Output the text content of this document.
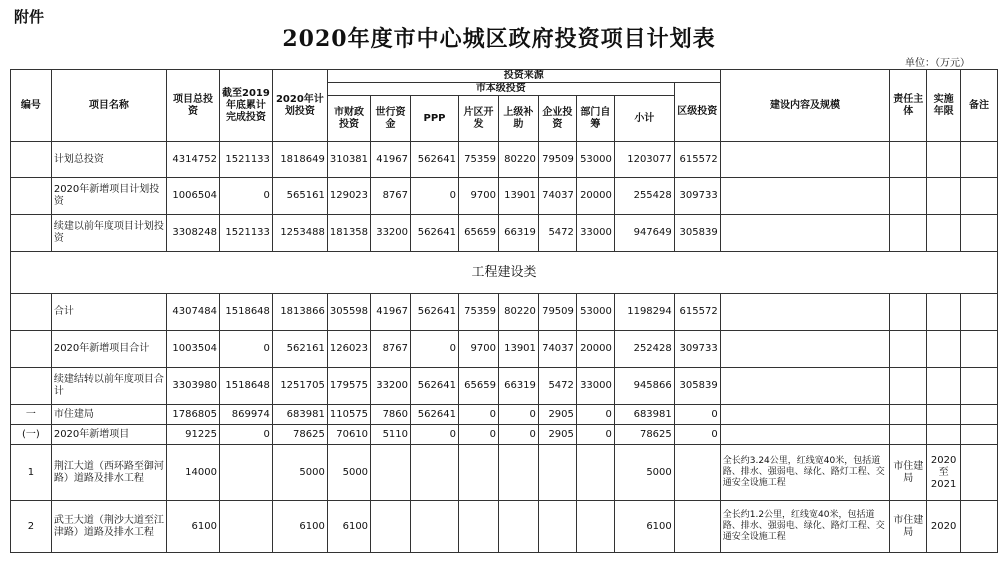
附件
2020年度市中心城区政府投资项目计划表
单位：（万元）
编号	项目名称	项目总投资	截至2019年底累计完成投资	2020年计划投资	投资来源									建设内容及规模	责任主体	实施年限	备注
					市本级投资								区级投资				
					市财政投资	世行资金	PPP	片区开发	上级补助	企业投资	部门自筹	小计					

	计划总投资	4314752	1521133	1818649	310381	41967	562641	75359	80220	79509	53000	1203077	615572				
	2020年新增项目计划投资	1006504	0	565161	129023	8767	0	9700	13901	74037	20000	255428	309733				
	续建以前年度项目计划投资	3308248	1521133	1253488	181358	33200	562641	65659	66319	5472	33000	947649	305839				
工程建设类																	
	合计	4307484	1518648	1813866	305598	41967	562641	75359	80220	79509	53000	1198294	615572				
	2020年新增项目合计	1003504	0	562161	126023	8767	0	9700	13901	74037	20000	252428	309733				
	续建结转以前年度项目合计	3303980	1518648	1251705	179575	33200	562641	65659	66319	5472	33000	945866	305839				
一	市住建局	1786805	869974	683981	110575	7860	562641	0	0	2905	0	683981	0				
(一)	2020年新增项目	91225	0	78625	70610	5110	0	0	0	2905	0	78625	0				
1	荆江大道（西环路至御河路）道路及排水工程	14000		5000	5000							5000		全长约3.24公里，红线宽40米，包括道路、排水、强弱电、绿化、路灯工程、交通安全设施工程	市住建局	2020至2021	
2	武王大道（荆沙大道至江津路）道路及排水工程	6100		6100	6100							6100		全长约1.2公里，红线宽40米，包括道路、排水、强弱电、绿化、路灯工程、交通安全设施工程	市住建局	2020	
